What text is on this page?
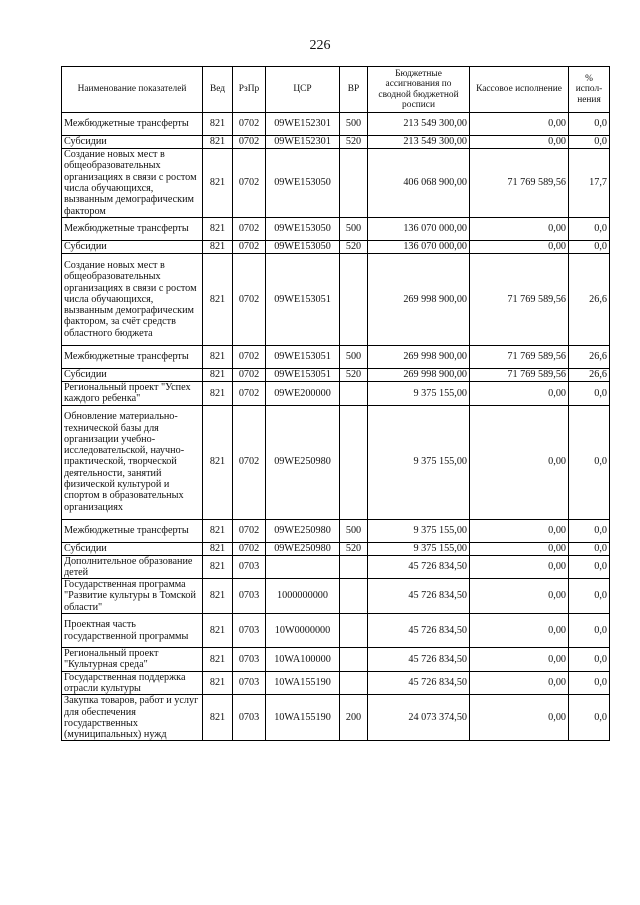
226
Наименование показателей	Вед	РзПр	ЦСР	ВР	Бюджетные ассигнования по сводной бюджетной росписи	Кассовое исполнение	% испол-нения
Межбюджетные трансферты	821	0702	09WE152301	500	213 549 300,00	0,00	0,0
Субсидии	821	0702	09WE152301	520	213 549 300,00	0,00	0,0
Создание новых мест в общеобразовательных организациях в связи с ростом числа обучающихся, вызванным демографическим фактором	821	0702	09WE153050		406 068 900,00	71 769 589,56	17,7
Межбюджетные трансферты	821	0702	09WE153050	500	136 070 000,00	0,00	0,0
Субсидии	821	0702	09WE153050	520	136 070 000,00	0,00	0,0
Создание новых мест в общеобразовательных организациях в связи с ростом числа обучающихся, вызванным демографическим фактором, за счёт средств областного бюджета	821	0702	09WE153051		269 998 900,00	71 769 589,56	26,6
Межбюджетные трансферты	821	0702	09WE153051	500	269 998 900,00	71 769 589,56	26,6
Субсидии	821	0702	09WE153051	520	269 998 900,00	71 769 589,56	26,6
Региональный проект "Успех каждого ребенка"	821	0702	09WE200000		9 375 155,00	0,00	0,0
Обновление материально-технической базы для организации учебно-исследовательской, научно-практической, творческой деятельности, занятий физической культурой и спортом в образовательных организациях	821	0702	09WE250980		9 375 155,00	0,00	0,0
Межбюджетные трансферты	821	0702	09WE250980	500	9 375 155,00	0,00	0,0
Субсидии	821	0702	09WE250980	520	9 375 155,00	0,00	0,0
Дополнительное образование детей	821	0703			45 726 834,50	0,00	0,0
Государственная программа "Развитие культуры в Томской области"	821	0703	1000000000		45 726 834,50	0,00	0,0
Проектная часть государственной программы	821	0703	10W0000000		45 726 834,50	0,00	0,0
Региональный проект "Культурная среда"	821	0703	10WA100000		45 726 834,50	0,00	0,0
Государственная поддержка отрасли культуры	821	0703	10WA155190		45 726 834,50	0,00	0,0
Закупка товаров, работ и услуг для обеспечения государственных (муниципальных) нужд	821	0703	10WA155190	200	24 073 374,50	0,00	0,0
